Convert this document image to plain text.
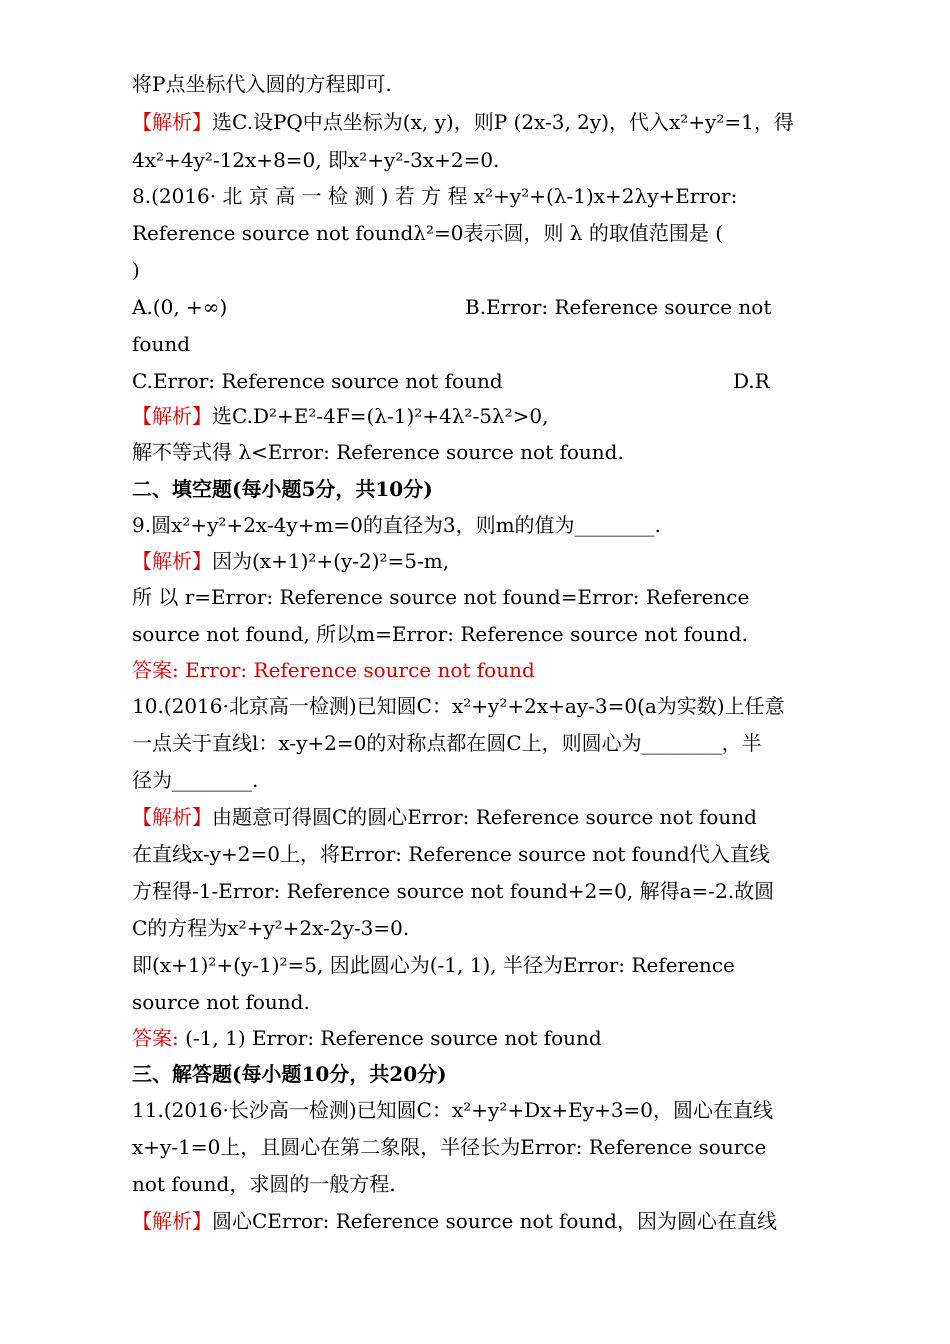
将P点坐标代入圆的方程即可.
【解析】选C.设PQ中点坐标为(x, y)，则P (2x-3, 2y)，代入x²+y²=1，得
4x²+4y²-12x+8=0, 即x²+y²-3x+2=0.
8.(2016· 北 京 高 一 检 测 ) 若 方 程 x²+y²+(λ-1)x+2λy+Error:
Reference source not foundλ²=0表示圆，则 λ 的取值范围是 (
)
A.(0, +∞)	B.Error: Reference source not
found
C.Error: Reference source not found	D.R
【解析】选C.D²+E²-4F=(λ-1)²+4λ²-5λ²>0,
解不等式得 λ<Error: Reference source not found.
二、填空题(每小题5分，共10分)
9.圆x²+y²+2x-4y+m=0的直径为3，则m的值为________.
【解析】因为(x+1)²+(y-2)²=5-m,
所 以 r=Error: Reference source not found=Error: Reference
source not found, 所以m=Error: Reference source not found.
答案: Error: Reference source not found
10.(2016·北京高一检测)已知圆C：x²+y²+2x+ay-3=0(a为实数)上任意
一点关于直线l：x-y+2=0的对称点都在圆C上，则圆心为________，半
径为________.
【解析】由题意可得圆C的圆心Error: Reference source not found
在直线x-y+2=0上，将Error: Reference source not found代入直线
方程得-1-Error: Reference source not found+2=0, 解得a=-2.故圆
C的方程为x²+y²+2x-2y-3=0.
即(x+1)²+(y-1)²=5, 因此圆心为(-1, 1), 半径为Error: Reference
source not found.
答案: (-1, 1) Error: Reference source not found
三、解答题(每小题10分，共20分)
11.(2016·长沙高一检测)已知圆C：x²+y²+Dx+Ey+3=0，圆心在直线
x+y-1=0上，且圆心在第二象限，半径长为Error: Reference source
not found，求圆的一般方程.
【解析】圆心CError: Reference source not found，因为圆心在直线
